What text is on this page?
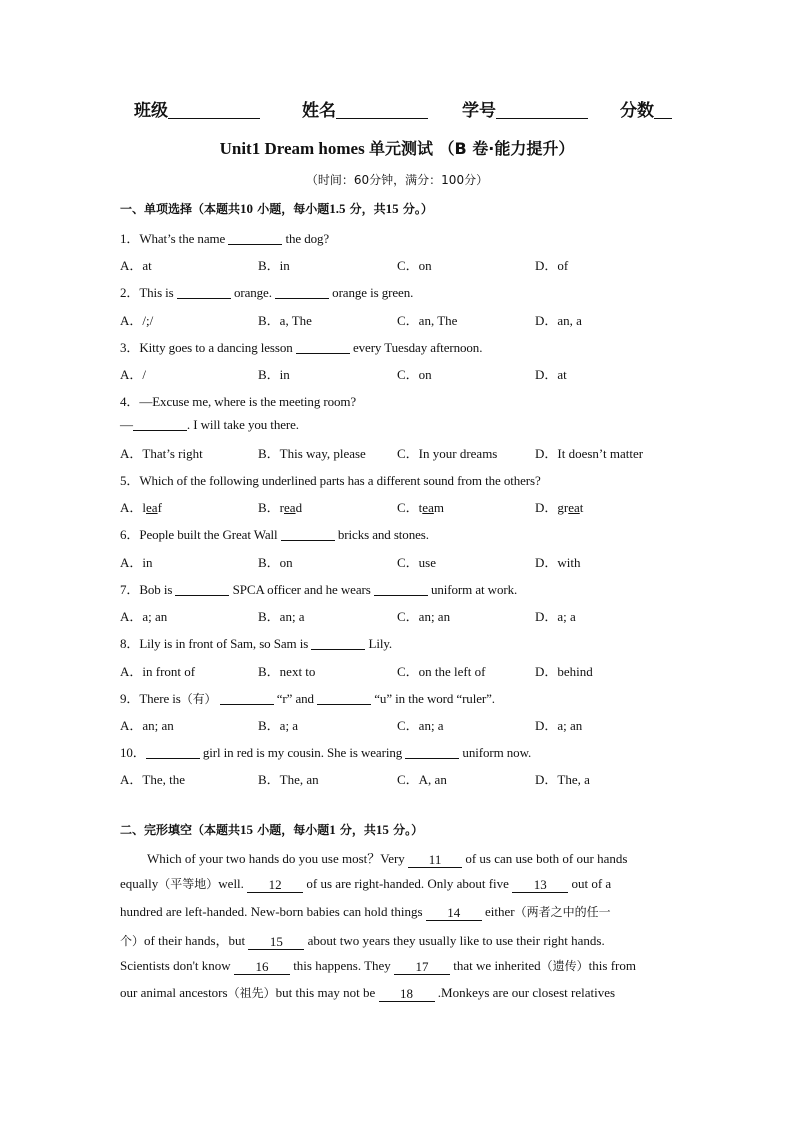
班级	姓名	学号	分数
Unit1 Dream homes 单元测试 （B 卷·能力提升）
（时间：60分钟，满分：100分）
一、单项选择（本题共10 小题，每小题1.5 分，共15 分。）
1．What’s the name	the dog?
A．at	B．in	C．on	D．of
2．This is	orange.	orange is green.
A．/;/	B．a, The	C．an, The	D．an, a
3．Kitty goes to a dancing lesson	every Tuesday afternoon.
A．/	B．in	C．on	D．at
4．—Excuse me, where is the meeting room?
—	. I will take you there.
A．That’s right	B．This way, please C．In your dreams	D．It doesn’t matter
5．Which of the following underlined parts has a different sound from the others?
A．leaf	B．read	C．team	D．great
6．People built the Great Wall	bricks and stones.
A．in	B．on	C．use	D．with
7．Bob is	SPCA officer and he wears	uniform at work.
A．a; an	B．an; a	C．an; an	D．a; a
8．Lily is in front of Sam, so Sam is	Lily.
A．in front of	B．next to	C．on the left of	D．behind
9．There is（有）	“r” and	“u” in the word “ruler”.
A．an; an	B．a; a	C．an; a	D．a; an
10．	girl in red is my cousin. She is wearing	uniform now.
A．The, the	B．The, an	C．A, an	D．The, a
二、完形填空（本题共15 小题，每小题1 分，共15 分。）
Which of your two hands do you use most？Very 11 of us can use both of our hands
equally（平等地）well. 12 of us are right-handed. Only about five 13 out of a
hundred are left-handed. New-born babies can hold things 14 either（两者之中的任一
个）of their hands，but 15 about two years they usually like to use their right hands.
Scientists don't know 16 this happens. They 17 that we inherited（遗传）this from
our animal ancestors（祖先）but this may not be 18 .Monkeys are our closest relatives
